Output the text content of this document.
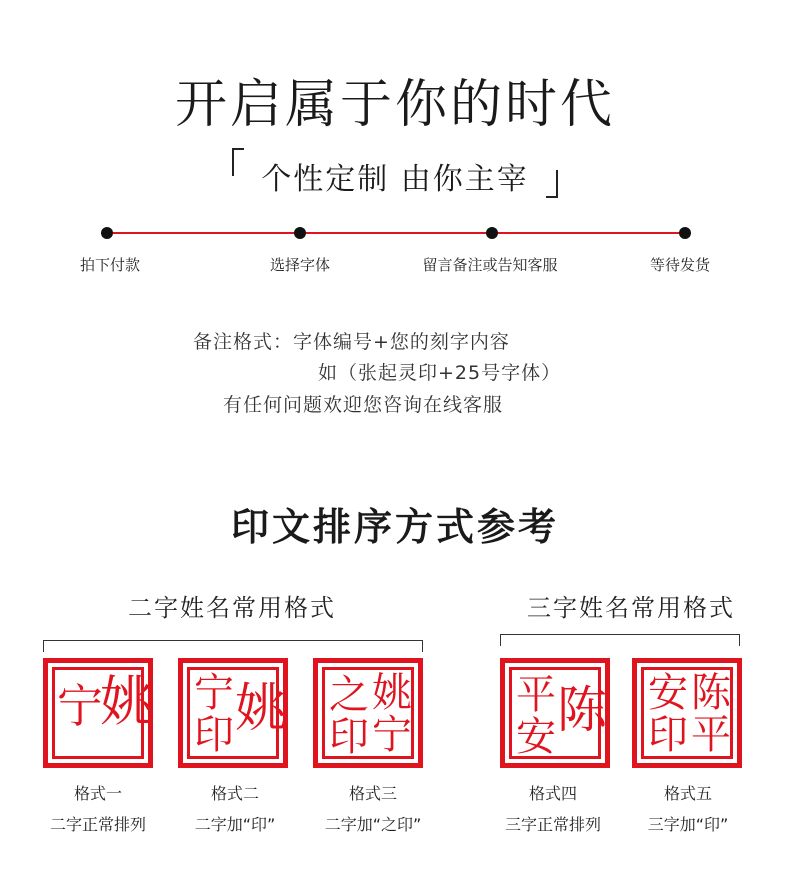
开启属于你的时代
个性定制 由你主宰
拍下付款	选择字体	留言备注或告知客服	等待发货
备注格式：字体编号+您的刻字内容
如（张起灵印+25号字体）
有任何问题欢迎您咨询在线客服
印文排序方式参考
二字姓名常用格式	三字姓名常用格式
宁
姚 宁
印 姚 之
印
姚
宁
平
安 陈 安
印
陈
平
格式一
二字正常排列
格式二
二字加“印”
格式三
二字加“之印”
格式四
三字正常排列
格式五
三字加“印”
